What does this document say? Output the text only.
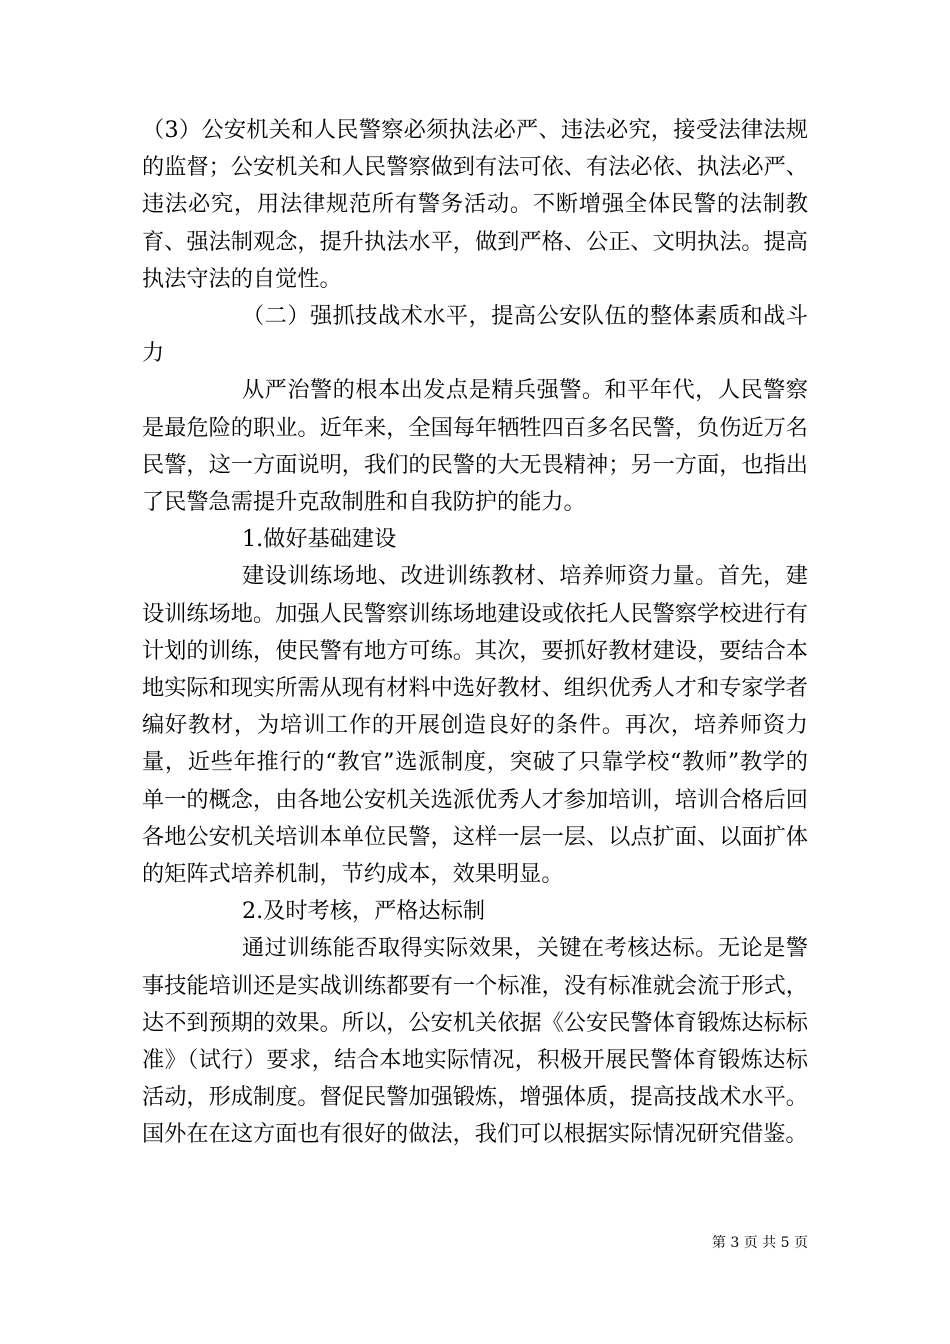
（3）公安机关和人民警察必须执法必严、违法必究，接受法律法规的监督；公安机关和人民警察做到有法可依、有法必依、执法必严、违法必究，用法律规范所有警务活动。不断增强全体民警的法制教育、强法制观念，提升执法水平，做到严格、公正、文明执法。提高执法守法的自觉性。

（二）强抓技战术水平，提高公安队伍的整体素质和战斗力

从严治警的根本出发点是精兵强警。和平年代，人民警察是最危险的职业。近年来，全国每年牺牲四百多名民警，负伤近万名民警，这一方面说明，我们的民警的大无畏精神；另一方面，也指出了民警急需提升克敌制胜和自我防护的能力。

1.做好基础建设

建设训练场地、改进训练教材、培养师资力量。首先，建设训练场地。加强人民警察训练场地建设或依托人民警察学校进行有计划的训练，使民警有地方可练。其次，要抓好教材建设，要结合本地实际和现实所需从现有材料中选好教材、组织优秀人才和专家学者编好教材，为培训工作的开展创造良好的条件。再次，培养师资力量，近些年推行的“教官”选派制度，突破了只靠学校“教师”教学的单一的概念，由各地公安机关选派优秀人才参加培训，培训合格后回各地公安机关培训本单位民警，这样一层一层、以点扩面、以面扩体的矩阵式培养机制，节约成本，效果明显。

2.及时考核，严格达标制

通过训练能否取得实际效果，关键在考核达标。无论是警事技能培训还是实战训练都要有一个标准，没有标准就会流于形式，达不到预期的效果。所以，公安机关依据《公安民警体育锻炼达标标准》（试行）要求，结合本地实际情况，积极开展民警体育锻炼达标活动，形成制度。督促民警加强锻炼，增强体质，提高技战术水平。国外在在这方面也有很好的做法，我们可以根据实际情况研究借鉴。

第 3 页 共 5 页
